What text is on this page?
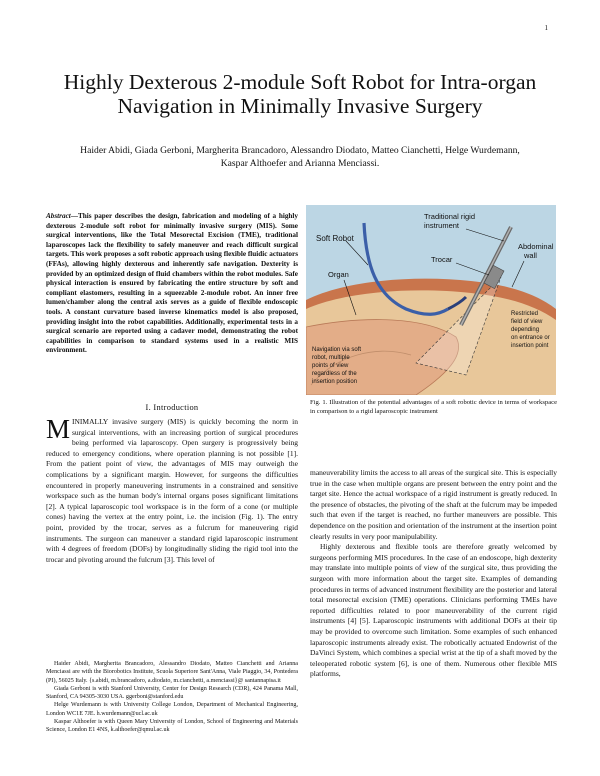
1
Highly Dexterous 2-module Soft Robot for Intra-organ Navigation in Minimally Invasive Surgery
Haider Abidi, Giada Gerboni, Margherita Brancadoro, Alessandro Diodato, Matteo Cianchetti, Helge Wurdemann,
Kaspar Althoefer and Arianna Menciassi.

Abstract—This paper describes the design, fabrication and modeling of a highly dexterous 2-module soft robot for minimally invasive surgery (MIS). Some surgical interventions, like the Total Mesorectal Excision (TME), traditional laparoscopes lack the flexibility to safely maneuver and reach difficult surgical targets. This work proposes a soft robotic approach using flexible fluidic actuators (FFAs), allowing highly dexterous and inherently safe navigation. Dexterity is provided by an optimized design of fluid chambers within the robot modules. Safe physical interaction is ensured by fabricating the entire structure by soft and compliant elastomers, resulting in a squeezable 2-module robot. An inner free lumen/chamber along the central axis serves as a guide of flexible endoscopic tools. A constant curvature based inverse kinematics model is also proposed, providing insight into the robot capabilities. Additionally, experimental tests in a surgical scenario are reported using a cadaver model, demonstrating the robot capabilities in comparison to standard systems used in a realistic MIS environment.

Soft Robot
Traditional rigid
instrument
Trocar
Abdominal
wall
Organ
Restricted
field of view
depending
on entrance or
insertion point
Navigation via soft
robot, multiple
points of view
regardless of the
insertion position
Fig. 1. Illustration of the potential advantages of a soft robotic device in terms of workspace in comparison to a rigid laparoscopic instrument
I. Introduction

MINIMALLY invasive surgery (MIS) is quickly becoming the norm in surgical interventions, with an increasing portion of surgical procedures being performed via laparoscopy. Open surgery is progressively being reduced to emergency conditions, where operation planning is not possible [1]. From the patient point of view, the advantages of MIS may outweigh the complications by a significant margin. However, for surgeons the difficulties encountered in properly maneuvering instruments in a constrained and sensitive workspace such as the human body's internal organs poses significant limitations [2]. A typical laparoscopic tool workspace is in the form of a cone (or multiple cones) having the vertex at the entry point, i.e. the incision (Fig. 1). The entry point, provided by the trocar, serves as a fulcrum for maneuvering rigid instruments. The surgeon can maneuver a standard rigid laparoscopic instrument with 4 degrees of freedom (DOFs) by longitudinally sliding the rigid tool into the trocar and pivoting around the fulcrum [3]. This level of

Haider Abidi, Margherita Brancadoro, Alessandro Diodato, Matteo Cianchetti and Arianna Menciassi are with the Biorobotics Institute, Scuola Superiore Sant'Anna, Viale Piaggio, 34, Pontedera (PI), 56025 Italy. {s.abidi, m.brancadoro, a.diodato, m.cianchetti, a.menciassi}@ santannapisa.it

Giada Gerboni is with Stanford University, Center for Design Research (CDR), 424 Panama Mall, Stanford, CA 94305-3030 USA. ggerboni@stanford.edu

Helge Wurdemann is with University College London, Department of Mechanical Engineering, London WC1E 7JE. h.wurdemann@ucl.ac.uk

Kaspar Althoefer is with Queen Mary University of London, School of Engineering and Materials Science, London E1 4NS, k.althoefer@qmul.ac.uk

maneuverability limits the access to all areas of the surgical site. This is especially true in the case when multiple organs are present between the entry point and the target site. Hence the actual workspace of a rigid instrument is greatly reduced. In the presence of obstacles, the pivoting of the shaft at the fulcrum may be impeded such that even if the target is reached, no further maneuvers are possible. This dependence on the position and orientation of the instrument at the insertion point clearly results in very poor manipulability.

Highly dexterous and flexible tools are therefore greatly welcomed by surgeons performing MIS procedures. In the case of an endoscope, high dexterity may translate into multiple points of view of the surgical site, thus providing the surgeon with more information about the target site. Examples of demanding procedures in terms of advanced instrument flexibility are the posterior and lateral total mesorectal excision (TME) operations. Clinicians performing TMEs have reported difficulties related to poor maneuverability of the current rigid instruments [4] [5]. Laparoscopic instruments with additional DOFs at their tip may be provided to overcome such limitation. Some examples of such enhanced laparoscopic instruments already exist. The robotically actuated Endowrist of the DaVinci System, which combines a special wrist at the tip of a shaft moved by the teleoperated robotic system [6], is one of them. Numerous other flexible MIS platforms,
